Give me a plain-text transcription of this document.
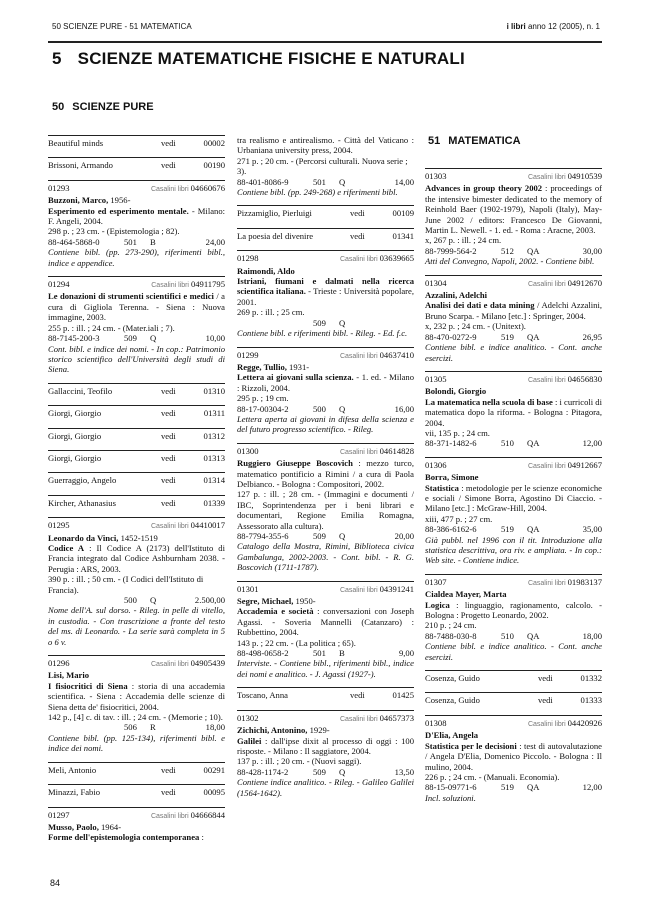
50 SCIENZE PURE - 51 MATEMATICA	i libri anno 12 (2005), n. 1
5 SCIENZE MATEMATICHE FISICHE E NATURALI
50 SCIENZE PURE
51 MATEMATICA
Beautiful minds	vedi	00002
Brissoni, Armando	vedi	00190
01293	Casalini libri 04660676
Buzzoni, Marco, 1956-
Esperimento ed esperimento mentale. - Milano: F. Angeli, 2004.
298 p. ; 23 cm. - (Epistemologia ; 82).
88-464-5868-0	501	B	24,00
Contiene bibl. (pp. 273-290), riferimenti bibl., indice e appendice.
01294	Casalini libri 04911795
Le donazioni di strumenti scientifici e medici / a cura di Gigliola Terenna. - Siena : Nuova immagine, 2003.
255 p. : ill. ; 24 cm. - (Mater.iali ; 7).
88-7145-200-3	509	Q	10,00
Cont. bibl. e indice dei nomi. - In cop.: Patrimonio storico scientifico dell'Università degli studi di Siena.
Gallaccini, Teofilo	vedi	01310
Giorgi, Giorgio	vedi	01311
Giorgi, Giorgio	vedi	01312
Giorgi, Giorgio	vedi	01313
Guerraggio, Angelo	vedi	01314
Kircher, Athanasius	vedi	01339
01295	Casalini libri 04410017
Leonardo da Vinci, 1452-1519
Codice A : Il Codice A (2173) dell'Istituto di Francia integrato dal Codice Ashburnham 2038. - Perugia : ARS, 2003.
390 p. : ill. ; 50 cm. - (I Codici dell'Istituto di Francia).
500	Q	2.500,00
Nome dell'A. sul dorso. - Rileg. in pelle di vitello, in custodia. - Con trascrizione a fronte del testo del ms. di Leonardo. - La serie sarà completa in 5 o 6 v.
01296	Casalini libri 04905439
Lisi, Mario
I fisiocritici di Siena : storia di una accademia scientifica. - Siena : Accademia delle scienze di Siena detta de' fisiocritici, 2004.
142 p., [4] c. di tav. : ill. ; 24 cm. - (Memorie ; 10).
506	R	18,00
Contiene bibl. (pp. 125-134), riferimenti bibl. e indice dei nomi.
Meli, Antonio	vedi	00291
Minazzi, Fabio	vedi	00095
01297	Casalini libri 04666844
Musso, Paolo, 1964-
Forme dell'epistemologia contemporanea :
tra realismo e antirealismo. - Città del Vaticano : Urbaniana university press, 2004.
271 p. ; 20 cm. - (Percorsi culturali. Nuova serie ; 3).
88-401-8086-9	501	Q	14,00
Contiene bibl. (pp. 249-268) e riferimenti bibl.
Pizzamiglio, Pierluigi	vedi	00109
La poesia del divenire	vedi	01341
01298	Casalini libri 03639665
Raimondi, Aldo
Istriani, fiumani e dalmati nella ricerca scientifica italiana. - Trieste : Università popolare, 2001.
269 p. : ill. ; 25 cm.
509	Q
Contiene bibl. e riferimenti bibl. - Rileg. - Ed. f.c.
01299	Casalini libri 04637410
Regge, Tullio, 1931-
Lettera ai giovani sulla scienza. - 1. ed. - Milano : Rizzoli, 2004.
295 p. ; 19 cm.
88-17-00304-2	500	Q	16,00
Lettera aperta ai giovani in difesa della scienza e del futuro progresso scientifico. - Rileg.
01300	Casalini libri 04614828
Ruggiero Giuseppe Boscovich : mezzo turco, matematico pontificio a Rimini / a cura di Paola Delbianco. - Bologna : Compositori, 2002.
127 p. : ill. ; 28 cm. - (Immagini e documenti / IBC, Soprintendenza per i beni librari e documentari, Regione Emilia Romagna, Assessorato alla cultura).
88-7794-355-6	509	Q	20,00
Catalogo della Mostra, Rimini, Biblioteca civica Gambalunga, 2002-2003. - Cont. bibl. - R. G. Boscovich (1711-1787).
01301	Casalini libri 04391241
Segre, Michael, 1950-
Accademia e società : conversazioni con Joseph Agassi. - Soveria Mannelli (Catanzaro) : Rubbettino, 2004.
143 p. ; 22 cm. - (La politica ; 65).
88-498-0658-2	501	B	9,00
Interviste. - Contiene bibl., riferimenti bibl., indice dei nomi e analitico. - J. Agassi (1927-).
Toscano, Anna	vedi	01425
01302	Casalini libri 04657373
Zichichi, Antonino, 1929-
Galilei : dall'ipse dixit al processo di oggi : 100 risposte. - Milano : Il saggiatore, 2004.
137 p. : ill. ; 20 cm. - (Nuovi saggi).
88-428-1174-2	509	Q	13,50
Contiene indice analitico. - Rileg. - Galileo Galilei (1564-1642).
01303	Casalini libri 04910539
Advances in group theory 2002 : proceedings of the intensive bimester dedicated to the memory of Reinhold Baer (1902-1979), Napoli (Italy), May-June 2002 / editors: Francesco De Giovanni, Martin L. Newell. - 1. ed. - Roma : Aracne, 2003.
x, 267 p. : ill. ; 24 cm.
88-7999-564-2	512	QA	30,00
Atti del Convegno, Napoli, 2002. - Contiene bibl.
01304	Casalini libri 04912670
Azzalini, Adelchi
Analisi dei dati e data mining / Adelchi Azzalini, Bruno Scarpa. - Milano [etc.] : Springer, 2004.
x, 232 p. ; 24 cm. - (Unitext).
88-470-0272-9	519	QA	26,95
Contiene bibl. e indice analitico. - Cont. anche esercizi.
01305	Casalini libri 04656830
Bolondi, Giorgio
La matematica nella scuola di base : i curricoli di matematica dopo la riforma. - Bologna : Pitagora, 2004.
vii, 135 p. ; 24 cm.
88-371-1482-6	510	QA	12,00
01306	Casalini libri 04912667
Borra, Simone
Statistica : metodologie per le scienze economiche e sociali / Simone Borra, Agostino Di Ciaccio. - Milano [etc.] : McGraw-Hill, 2004.
xiii, 477 p. ; 27 cm.
88-386-6162-6	519	QA	35,00
Già pubbl. nel 1996 con il tit. Introduzione alla statistica descrittiva, ora riv. e ampliata. - In cop.: Web site. - Contiene indice.
01307	Casalini libri 01983137
Cialdea Mayer, Marta
Logica : linguaggio, ragionamento, calcolo. - Bologna : Progetto Leonardo, 2002.
210 p. ; 24 cm.
88-7488-030-8	510	QA	18,00
Contiene bibl. e indice analitico. - Cont. anche esercizi.
Cosenza, Guido	vedi	01332
Cosenza, Guido	vedi	01333
01308	Casalini libri 04420926
D'Elia, Angela
Statistica per le decisioni : test di autovalutazione / Angela D'Elia, Domenico Piccolo. - Bologna : Il mulino, 2004.
226 p. ; 24 cm. - (Manuali. Economia).
88-15-09771-6	519	QA	12,00
Incl. soluzioni.
84
